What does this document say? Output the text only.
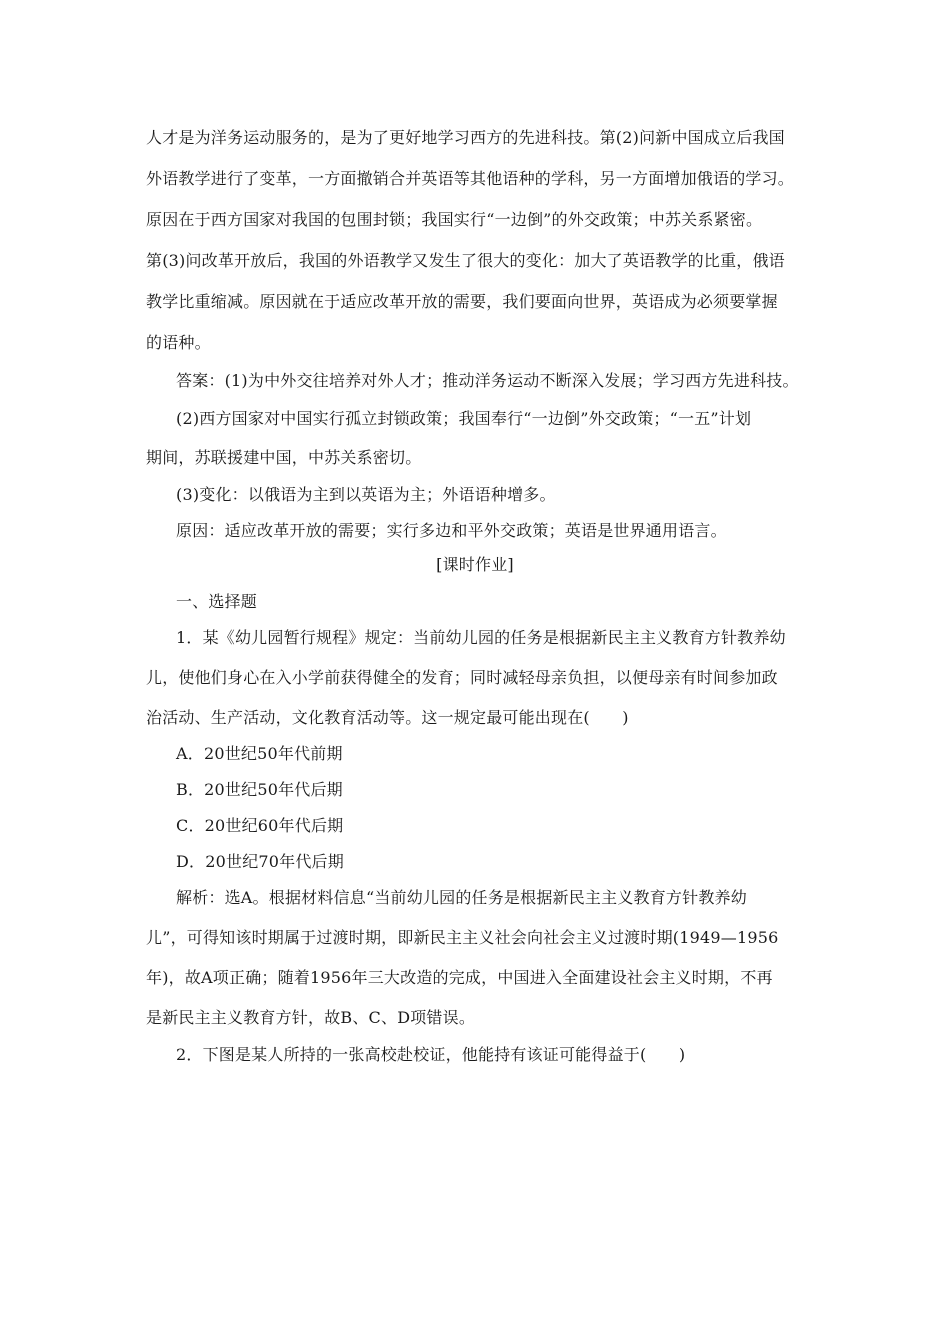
人才是为洋务运动服务的，是为了更好地学习西方的先进科技。第(2)问新中国成立后我国
外语教学进行了变革，一方面撤销合并英语等其他语种的学科，另一方面增加俄语的学习。
原因在于西方国家对我国的包围封锁；我国实行“一边倒”的外交政策；中苏关系紧密。
第(3)问改革开放后，我国的外语教学又发生了很大的变化：加大了英语教学的比重，俄语
教学比重缩减。原因就在于适应改革开放的需要，我们要面向世界，英语成为必须要掌握
的语种。
答案：(1)为中外交往培养对外人才；推动洋务运动不断深入发展；学习西方先进科技。
(2)西方国家对中国实行孤立封锁政策；我国奉行“一边倒”外交政策；“一五”计划
期间，苏联援建中国，中苏关系密切。
(3)变化：以俄语为主到以英语为主；外语语种增多。
原因：适应改革开放的需要；实行多边和平外交政策；英语是世界通用语言。
[课时作业]
一、选择题
1．某《幼儿园暂行规程》规定：当前幼儿园的任务是根据新民主主义教育方针教养幼
儿，使他们身心在入小学前获得健全的发育；同时减轻母亲负担，以便母亲有时间参加政
治活动、生产活动，文化教育活动等。这一规定最可能出现在(　　)
A．20世纪50年代前期
B．20世纪50年代后期
C．20世纪60年代后期
D．20世纪70年代后期
解析：选A。根据材料信息“当前幼儿园的任务是根据新民主主义教育方针教养幼
儿”，可得知该时期属于过渡时期，即新民主主义社会向社会主义过渡时期(1949—1956
年)，故A项正确；随着1956年三大改造的完成，中国进入全面建设社会主义时期，不再
是新民主主义教育方针，故B、C、D项错误。
2．下图是某人所持的一张高校赴校证，他能持有该证可能得益于(　　)
